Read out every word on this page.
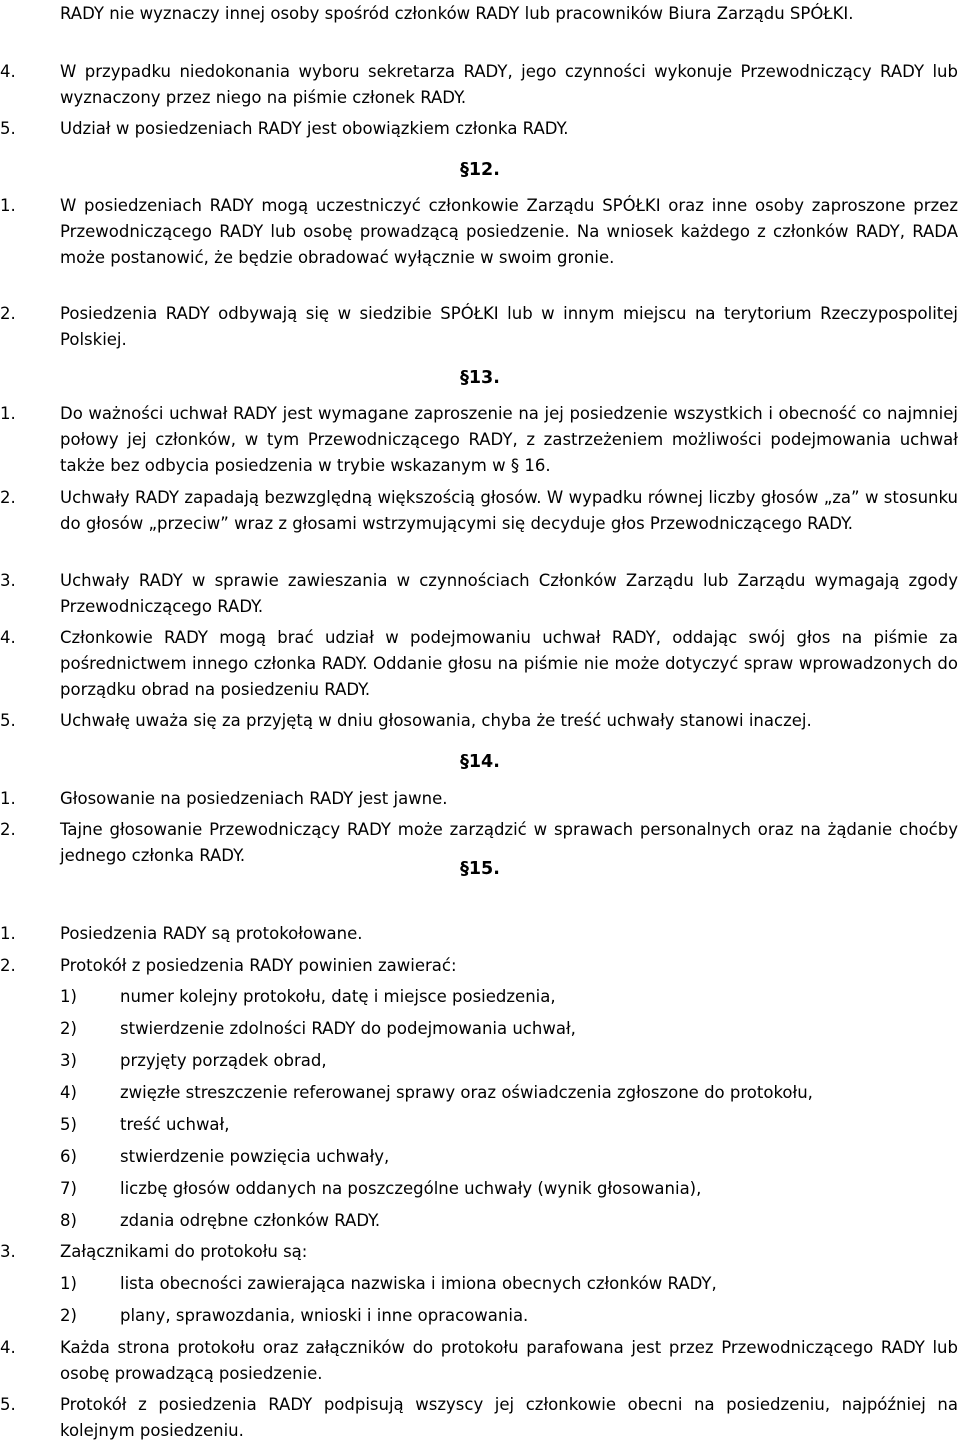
RADY nie wyznaczy innej osoby spośród członków RADY lub pracowników Biura Zarządu SPÓŁKI.
4.	W przypadku niedokonania wyboru sekretarza RADY, jego czynności wykonuje Przewodniczący RADY lub wyznaczony przez niego na piśmie członek RADY.
5.	Udział w posiedzeniach RADY jest obowiązkiem członka RADY.
§12.
1.	W posiedzeniach RADY mogą uczestniczyć członkowie Zarządu SPÓŁKI oraz inne osoby zaproszone przez Przewodniczącego RADY lub osobę prowadzącą posiedzenie. Na wniosek każdego z członków RADY, RADA może postanowić, że będzie obradować wyłącznie w swoim gronie.
2.	Posiedzenia RADY odbywają się w siedzibie SPÓŁKI lub w innym miejscu na terytorium Rzeczypospolitej Polskiej.
§13.
1.	Do ważności uchwał RADY jest wymagane zaproszenie na jej posiedzenie wszystkich i obecność co najmniej połowy jej członków, w tym Przewodniczącego RADY, z zastrzeżeniem możliwości podejmowania uchwał także bez odbycia posiedzenia w trybie wskazanym w § 16.
2.	Uchwały RADY zapadają bezwzględną większością głosów. W wypadku równej liczby głosów „za” w stosunku do głosów „przeciw” wraz z głosami wstrzymującymi się decyduje głos Przewodniczącego RADY.
3.	Uchwały RADY w sprawie zawieszania w czynnościach Członków Zarządu lub Zarządu wymagają zgody Przewodniczącego RADY.
4.	Członkowie RADY mogą brać udział w podejmowaniu uchwał RADY, oddając swój głos na piśmie za pośrednictwem innego członka RADY. Oddanie głosu na piśmie nie może dotyczyć spraw wprowadzonych do porządku obrad na posiedzeniu RADY.
5.	Uchwałę uważa się za przyjętą w dniu głosowania, chyba że treść uchwały stanowi inaczej.
§14.
1.	Głosowanie na posiedzeniach RADY jest jawne.
2.	Tajne głosowanie Przewodniczący RADY może zarządzić w sprawach personalnych oraz na żądanie choćby jednego członka RADY.
§15.
1.	Posiedzenia RADY są protokołowane.
2.	Protokół z posiedzenia RADY powinien zawierać:
1)	numer kolejny protokołu, datę i miejsce posiedzenia,
2)	stwierdzenie zdolności RADY do podejmowania uchwał,
3)	przyjęty porządek obrad,
4)	zwięzłe streszczenie referowanej sprawy oraz oświadczenia zgłoszone do protokołu,
5)	treść uchwał,
6)	stwierdzenie powzięcia uchwały,
7)	liczbę głosów oddanych na poszczególne uchwały (wynik głosowania),
8)	zdania odrębne członków RADY.
3.	Załącznikami do protokołu są:
1)	lista obecności zawierająca nazwiska i imiona obecnych członków RADY,
2)	plany, sprawozdania, wnioski i inne opracowania.
4.	Każda strona protokołu oraz załączników do protokołu parafowana jest przez Przewodniczącego RADY lub osobę prowadzącą posiedzenie.
5.	Protokół z posiedzenia RADY podpisują wszyscy jej członkowie obecni na posiedzeniu, najpóźniej na kolejnym posiedzeniu.
